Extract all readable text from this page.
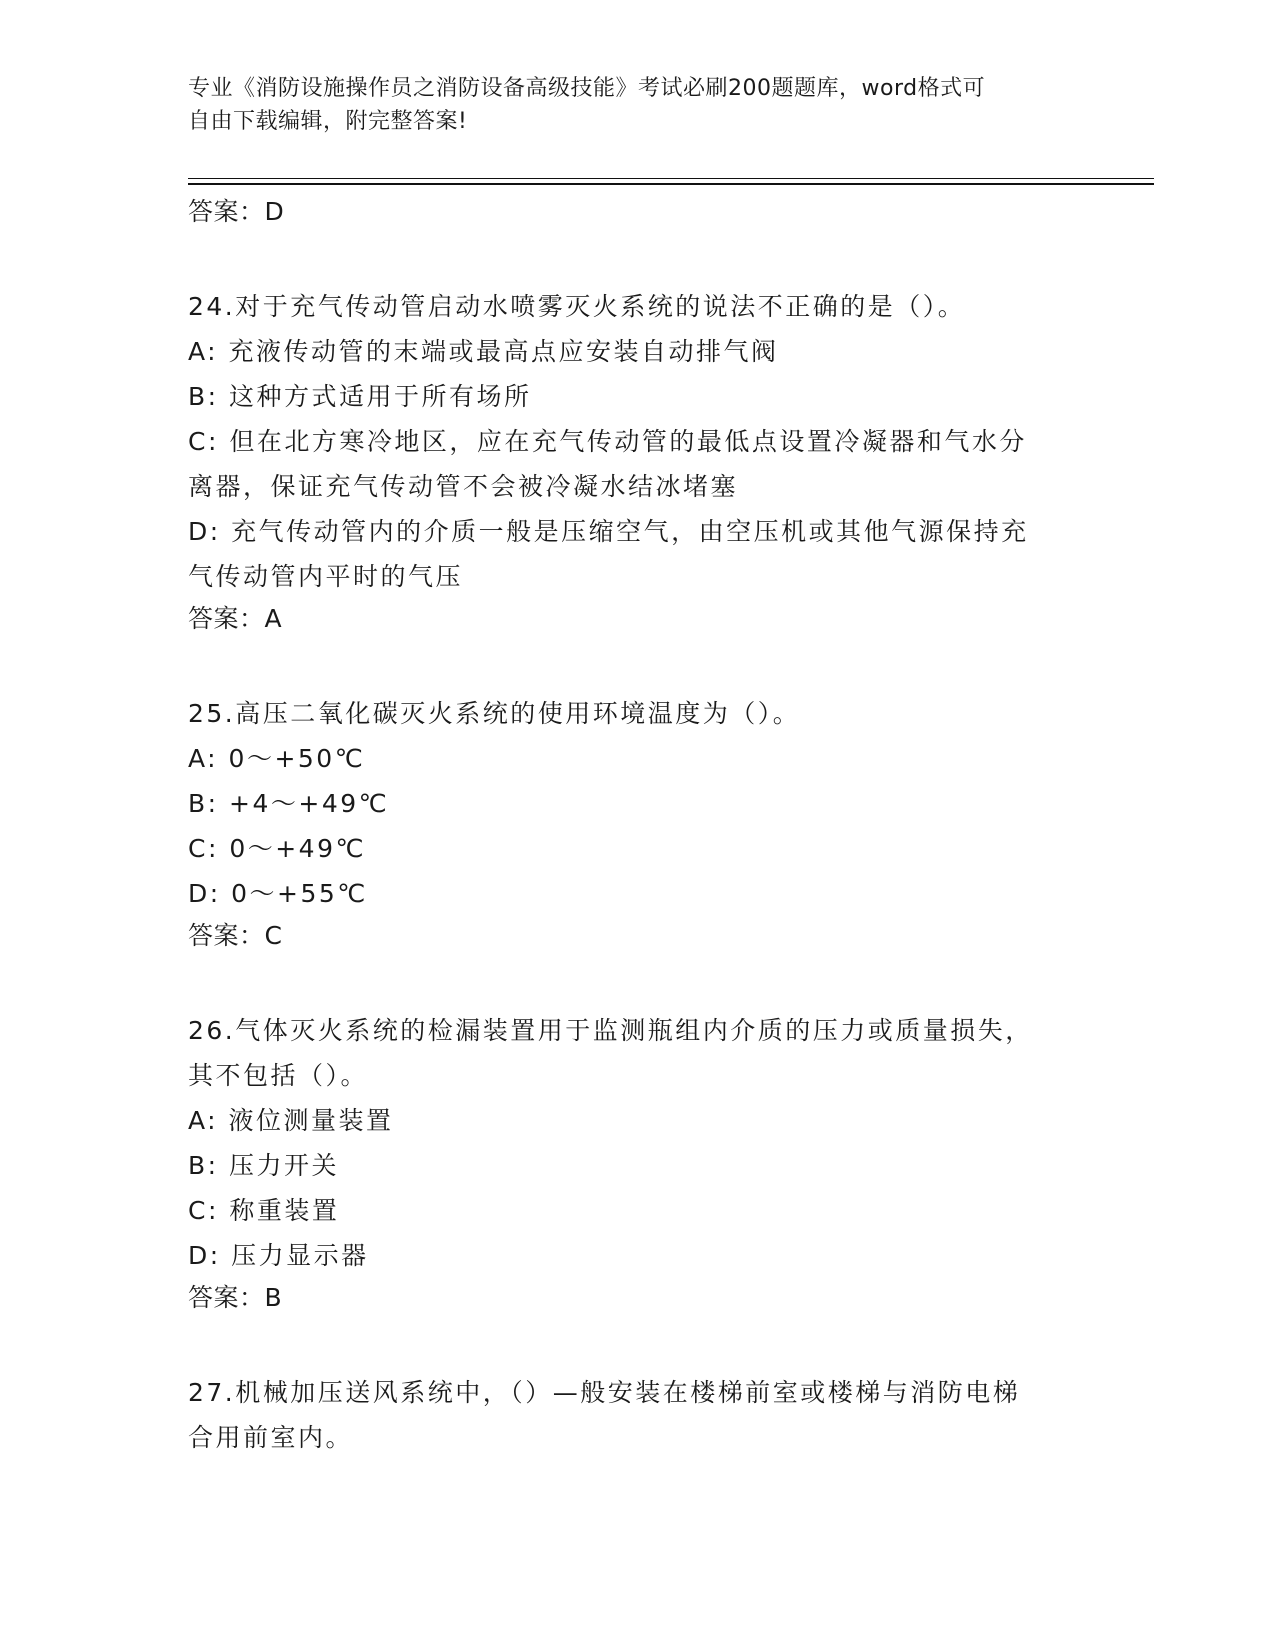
专业《消防设施操作员之消防设备高级技能》考试必刷200题题库，word格式可
自由下载编辑，附完整答案!

答案：D

24.对于充气传动管启动水喷雾灭火系统的说法不正确的是（）。

A: 充液传动管的末端或最高点应安装自动排气阀

B: 这种方式适用于所有场所

C: 但在北方寒冷地区，应在充气传动管的最低点设置冷凝器和气水分

离器，保证充气传动管不会被冷凝水结冰堵塞

D: 充气传动管内的介质一般是压缩空气，由空压机或其他气源保持充

气传动管内平时的气压

答案：A

25.高压二氧化碳灭火系统的使用环境温度为（）。

A: 0～+50℃

B: +4～+49℃

C: 0～+49℃

D: 0～+55℃

答案：C

26.气体灭火系统的检漏装置用于监测瓶组内介质的压力或质量损失，

其不包括（）。

A: 液位测量装置

B: 压力开关

C: 称重装置

D: 压力显示器

答案：B

27.机械加压送风系统中，（）—般安装在楼梯前室或楼梯与消防电梯

合用前室内。
